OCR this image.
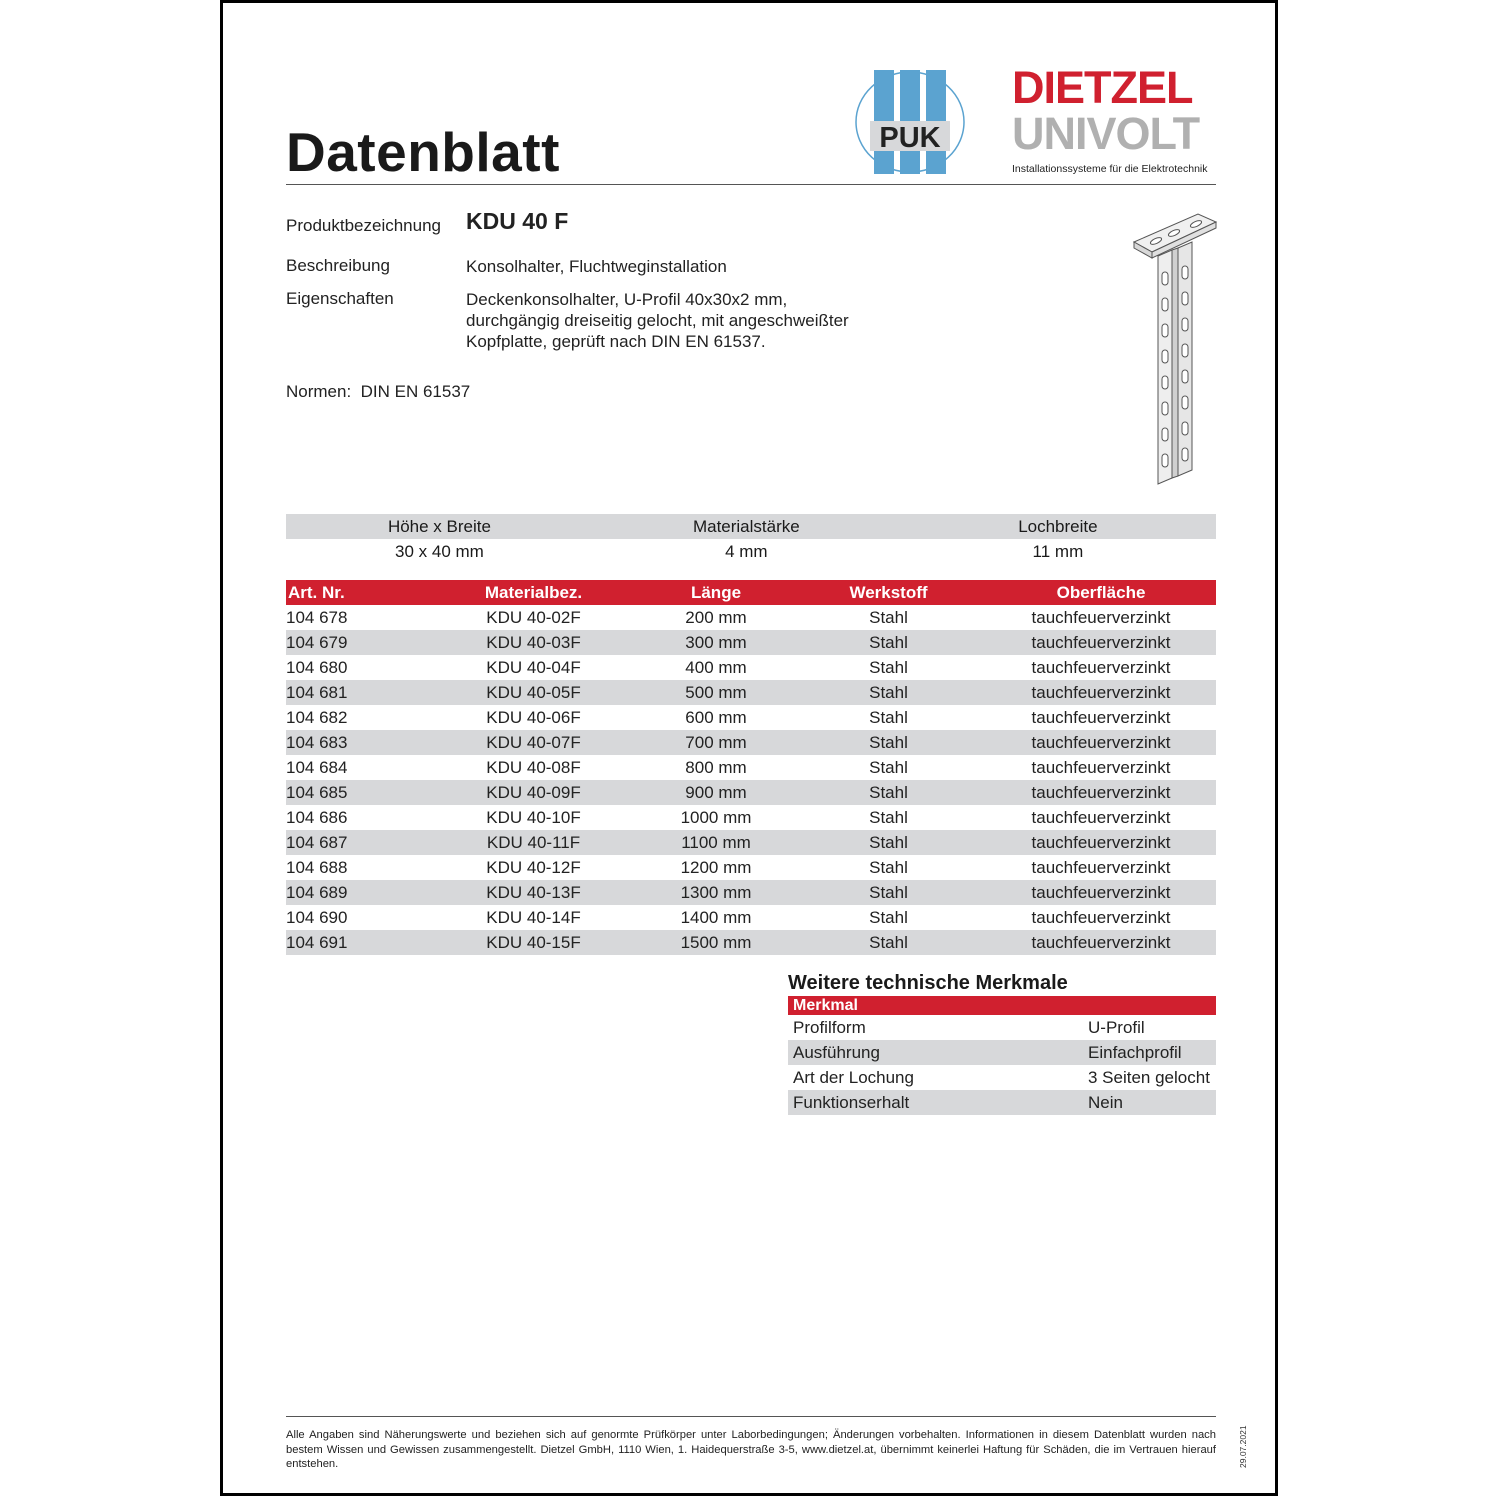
Datenblatt	PUK
DIETZEL
UNIVOLT
Installationssysteme für die Elektrotechnik
Produktbezeichnung KDU 40 F
Beschreibung	Konsolhalter, Fluchtweginstallation
Eigenschaften	Deckenkonsolhalter, U-Profil 40x30x2 mm,
durchgängig dreiseitig gelocht, mit angeschweißter
Kopfplatte, geprüft nach DIN EN 61537.
Normen: DIN EN 61537
Höhe x Breite	Materialstärke	Lochbreite
30 x 40 mm	4 mm	11 mm
Art. Nr.	Materialbez.	Länge	Werkstoff	Oberfläche
104 678	KDU 40-02F	200 mm	Stahl	tauchfeuerverzinkt
104 679	KDU 40-03F	300 mm	Stahl	tauchfeuerverzinkt
104 680	KDU 40-04F	400 mm	Stahl	tauchfeuerverzinkt
104 681	KDU 40-05F	500 mm	Stahl	tauchfeuerverzinkt
104 682	KDU 40-06F	600 mm	Stahl	tauchfeuerverzinkt
104 683	KDU 40-07F	700 mm	Stahl	tauchfeuerverzinkt
104 684	KDU 40-08F	800 mm	Stahl	tauchfeuerverzinkt
104 685	KDU 40-09F	900 mm	Stahl	tauchfeuerverzinkt
104 686	KDU 40-10F	1000 mm	Stahl	tauchfeuerverzinkt
104 687	KDU 40-11F	1100 mm	Stahl	tauchfeuerverzinkt
104 688	KDU 40-12F	1200 mm	Stahl	tauchfeuerverzinkt
104 689	KDU 40-13F	1300 mm	Stahl	tauchfeuerverzinkt
104 690	KDU 40-14F	1400 mm	Stahl	tauchfeuerverzinkt
104 691	KDU 40-15F	1500 mm	Stahl	tauchfeuerverzinkt
Weitere technische Merkmale
Merkmal	
Profilform	U-Profil
Ausführung	Einfachprofil
Art der Lochung	3 Seiten gelocht
Funktionserhalt	Nein
Alle Angaben sind Näherungswerte und beziehen sich auf genormte Prüfkörper unter Laborbedingungen; Änderungen vorbehalten. Informationen in diesem Datenblatt wurden nach bestem Wissen und Gewissen zusammengestellt. Dietzel GmbH, 1110 Wien, 1. Haidequerstraße 3-5, www.dietzel.at, übernimmt keinerlei Haftung für Schäden, die im Vertrauen hierauf entstehen.	29.07.2021
